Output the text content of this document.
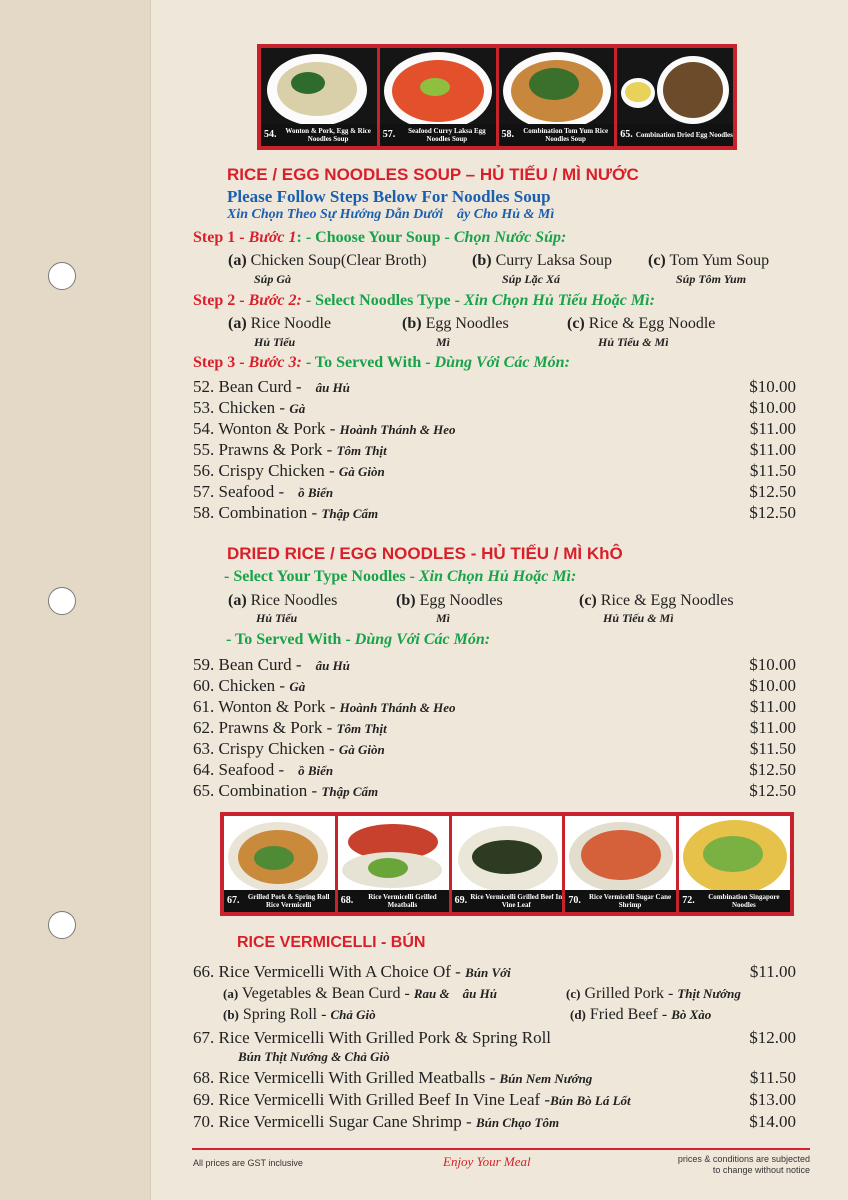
54.	Wonton & Pork, Egg & Rice Noodles Soup	57.	Seafood Curry Laksa Egg Noodles Soup	58.	Combination Tom Yum Rice Noodles Soup	65. Combination Dried Egg Noodles
RICE / EGG NOODLES SOUP – HỦ TIẾU / MÌ NƯỚC
Please Follow Steps Below For Noodles Soup
Xin Chọn Theo Sự Hướng Dẫn Dưới    ây Cho Hủ & Mì
Step 1 - Bước 1: - Choose Your Soup - Chọn Nước Súp:
(a) Chicken Soup(Clear Broth)
Súp Gà
(b) Curry Laksa Soup
Súp Lặc Xá
(c) Tom Yum Soup
Súp Tôm Yum
Step 2 - Bước 2: - Select Noodles Type - Xin Chọn Hủ Tiếu Hoặc Mì:
(a) Rice Noodle
Hủ Tiếu
(b) Egg Noodles
Mì
(c) Rice & Egg Noodle
Hủ Tiếu & Mì
Step 3 - Bước 3: - To Served With - Dùng Với Các Món:
52. Bean Curd -    âu Hủ	$10.00
53. Chicken - Gà	$10.00
54. Wonton & Pork - Hoành Thánh & Heo	$11.00
55. Prawns & Pork - Tôm Thịt	$11.00
56. Crispy Chicken - Gà Giòn	$11.50
57. Seafood -    ồ Biển	$12.50
58. Combination - Thập Cẩm	$12.50
DRIED RICE / EGG NOODLES - HỦ TIẾU / MÌ KhÔ
- Select Your Type Noodles - Xin Chọn Hủ Hoặc Mì:
(a) Rice Noodles
Hủ Tiếu
(b) Egg Noodles
Mì
(c) Rice & Egg Noodles
Hủ Tiếu & Mì
- To Served With - Dùng Với Các Món:
59. Bean Curd -    âu Hủ	$10.00
60. Chicken - Gà	$10.00
61. Wonton & Pork - Hoành Thánh & Heo	$11.00
62. Prawns & Pork - Tôm Thịt	$11.00
63. Crispy Chicken - Gà Giòn	$11.50
64. Seafood -    ồ Biển	$12.50
65. Combination - Thập Cẩm	$12.50
67.	Grilled Pork & Spring Roll Rice Vermicelli	68.	Rice Vermicelli Grilled Meatballs	69. Rice Vermicelli Grilled Beef In Vine Leaf	70.	Rice Vermicelli Sugar Cane Shrimp	72.	Combination Singapore Noodles
RICE VERMICELLI - BÚN
66. Rice Vermicelli With A Choice Of - Bún Với	$11.00
(a) Vegetables & Bean Curd - Rau &    âu Hủ	(c) Grilled Pork - Thịt Nướng
(b) Spring Roll - Chả Giò	(d) Fried Beef - Bò Xào
67. Rice Vermicelli With Grilled Pork & Spring Roll	$12.00
Bún Thịt Nướng & Chả Giò
68. Rice Vermicelli With Grilled Meatballs - Bún Nem Nướng	$11.50
69. Rice Vermicelli With Grilled Beef In Vine Leaf -Bún Bò Lá Lốt	$13.00
70. Rice Vermicelli Sugar Cane Shrimp - Bún Chạo Tôm	$14.00
All prices are GST inclusive	Enjoy Your Meal	prices & conditions are subjected
to change without notice
